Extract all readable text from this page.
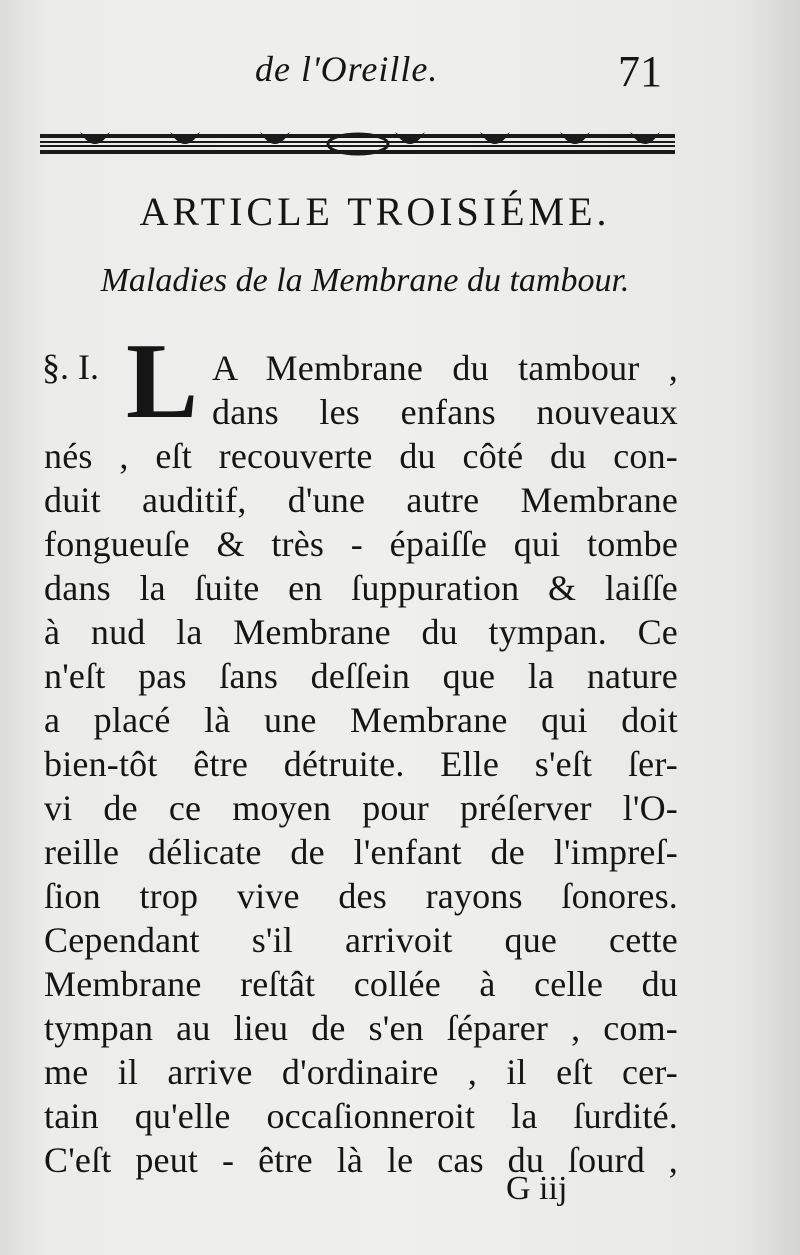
de l'Oreille.	71
ARTICLE TROISIÉME.
Maladies de la Membrane du tambour.
§. I. L A Membrane du tambour ,
dans les enfans nouveaux
nés , eſt recouverte du côté du con-
duit auditif, d'une autre Membrane
fongueuſe & très - épaiſſe qui tombe
dans la ſuite en ſuppuration & laiſſe
à nud la Membrane du tympan. Ce
n'eſt pas ſans deſſein que la nature
a placé là une Membrane qui doit
bien-tôt être détruite. Elle s'eſt ſer-
vi de ce moyen pour préſerver l'O-
reille délicate de l'enfant de l'impreſ-
ſion trop vive des rayons ſonores.
Cependant s'il arrivoit que cette
Membrane reſtât collée à celle du
tympan au lieu de s'en ſéparer , com-
me il arrive d'ordinaire , il eſt cer-
tain qu'elle occaſionneroit la ſurdité.
C'eſt peut - être là le cas du ſourd ,
G iij
